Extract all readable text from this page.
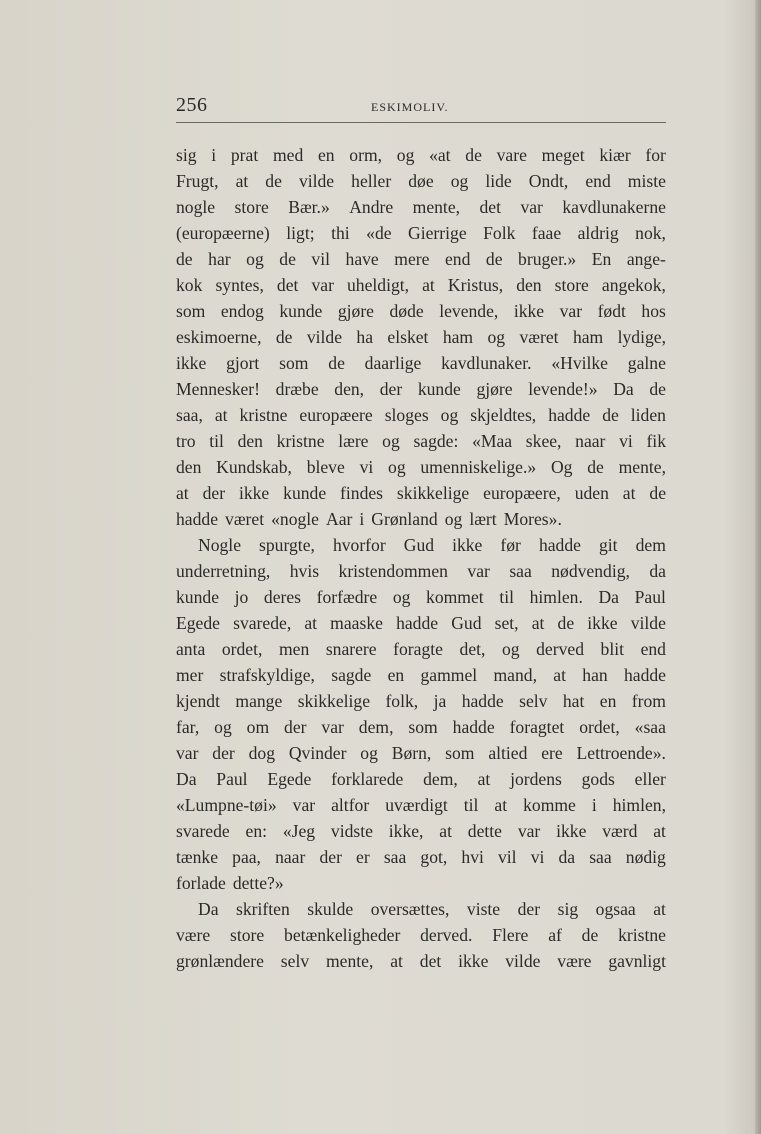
256	ESKIMOLIV.
sig i prat med en orm, og «at de vare meget kiær for
Frugt, at de vilde heller døe og lide Ondt, end miste
nogle store Bær.» Andre mente, det var kavdlunakerne
(europæerne) ligt; thi «de Gierrige Folk faae aldrig nok,
de har og de vil have mere end de bruger.» En ange-
kok syntes, det var uheldigt, at Kristus, den store angekok,
som endog kunde gjøre døde levende, ikke var født hos
eskimoerne, de vilde ha elsket ham og været ham lydige,
ikke gjort som de daarlige kavdlunaker. «Hvilke galne
Mennesker! dræbe den, der kunde gjøre levende!» Da de
saa, at kristne europæere sloges og skjeldtes, hadde de liden
tro til den kristne lære og sagde: «Maa skee, naar vi fik
den Kundskab, bleve vi og umenniskelige.» Og de mente,
at der ikke kunde findes skikkelige europæere, uden at de
hadde været «nogle Aar i Grønland og lært Mores».
Nogle spurgte, hvorfor Gud ikke før hadde git dem
underretning, hvis kristendommen var saa nødvendig, da
kunde jo deres forfædre og kommet til himlen. Da Paul
Egede svarede, at maaske hadde Gud set, at de ikke vilde
anta ordet, men snarere foragte det, og derved blit end
mer strafskyldige, sagde en gammel mand, at han hadde
kjendt mange skikkelige folk, ja hadde selv hat en from
far, og om der var dem, som hadde foragtet ordet, «saa
var der dog Qvinder og Børn, som altied ere Lettroende».
Da Paul Egede forklarede dem, at jordens gods eller
«Lumpne-tøi» var altfor uværdigt til at komme i himlen,
svarede en: «Jeg vidste ikke, at dette var ikke værd at
tænke paa, naar der er saa got, hvi vil vi da saa nødig
forlade dette?»
Da skriften skulde oversættes, viste der sig ogsaa at
være store betænkeligheder derved. Flere af de kristne
grønlændere selv mente, at det ikke vilde være gavnligt
